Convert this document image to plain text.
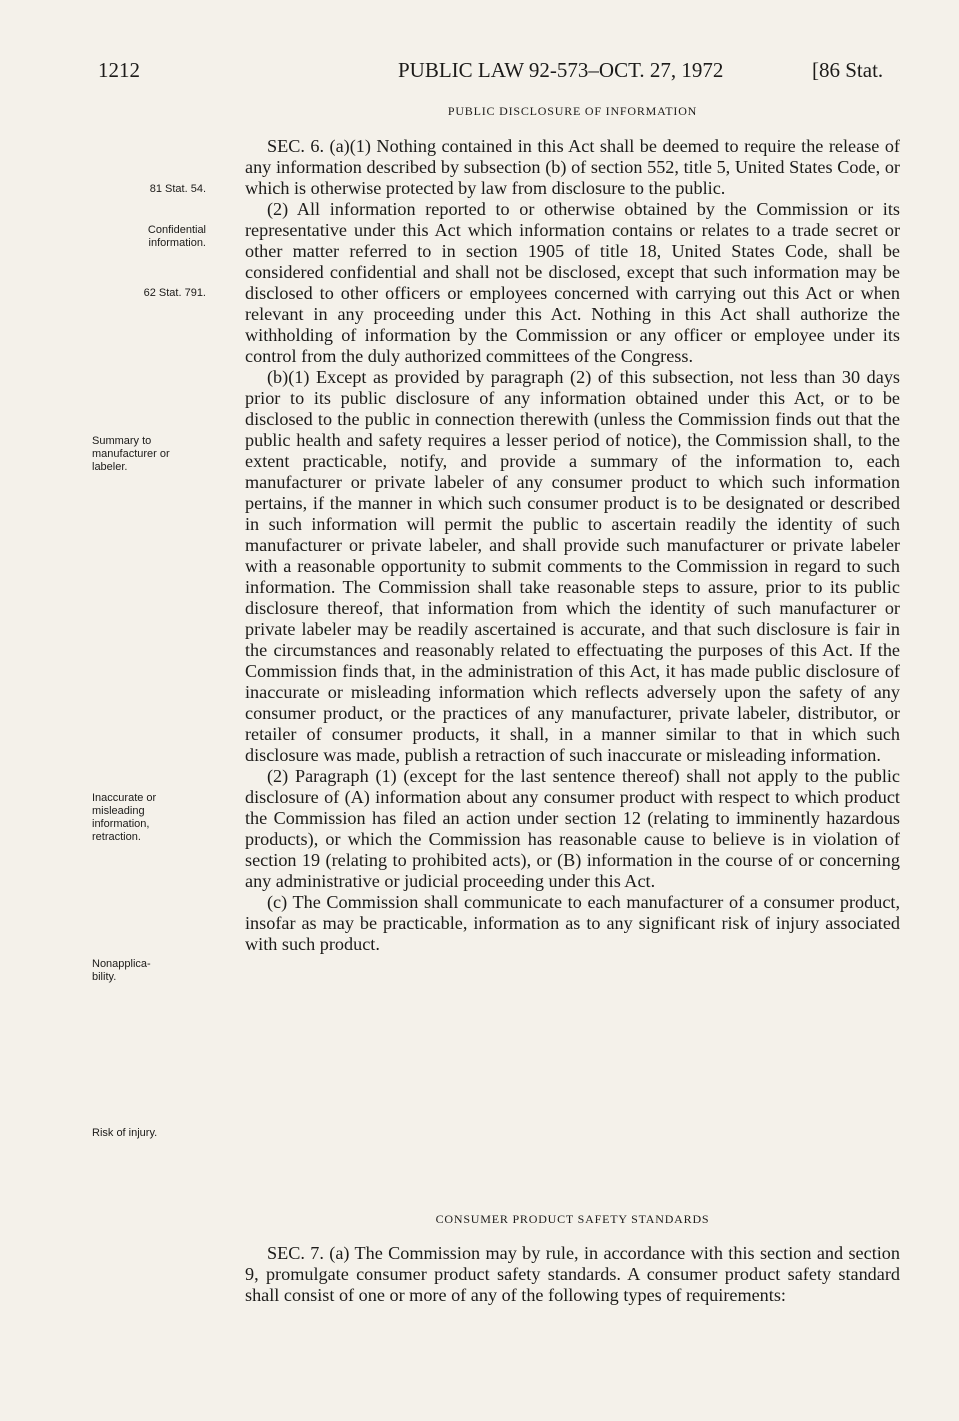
1212	PUBLIC LAW 92-573–OCT. 27, 1972	[86 Stat.
PUBLIC DISCLOSURE OF INFORMATION
81 Stat. 54.
Confidential
information.
62 Stat. 791.
Summary to
manufacturer or
labeler.
Inaccurate or
misleading
information,
retraction.
Nonapplica-
bility.
Risk of injury.

SEC. 6. (a)(1) Nothing contained in this Act shall be deemed to require the release of any information described by subsection (b) of section 552, title 5, United States Code, or which is otherwise protected by law from disclosure to the public.

(2) All information reported to or otherwise obtained by the Commission or its representative under this Act which information contains or relates to a trade secret or other matter referred to in section 1905 of title 18, United States Code, shall be considered confidential and shall not be disclosed, except that such information may be disclosed to other officers or employees concerned with carrying out this Act or when relevant in any proceeding under this Act. Nothing in this Act shall authorize the withholding of information by the Commission or any officer or employee under its control from the duly authorized committees of the Congress.

(b)(1) Except as provided by paragraph (2) of this subsection, not less than 30 days prior to its public disclosure of any information obtained under this Act, or to be disclosed to the public in connection therewith (unless the Commission finds out that the public health and safety requires a lesser period of notice), the Commission shall, to the extent practicable, notify, and provide a summary of the information to, each manufacturer or private labeler of any consumer product to which such information pertains, if the manner in which such consumer product is to be designated or described in such information will permit the public to ascertain readily the identity of such manufacturer or private labeler, and shall provide such manufacturer or private labeler with a reasonable opportunity to submit comments to the Commission in regard to such information. The Commission shall take reasonable steps to assure, prior to its public disclosure thereof, that information from which the identity of such manufacturer or private labeler may be readily ascertained is accurate, and that such disclosure is fair in the circumstances and reasonably related to effectuating the purposes of this Act. If the Commission finds that, in the administration of this Act, it has made public disclosure of inaccurate or misleading information which reflects adversely upon the safety of any consumer product, or the practices of any manufacturer, private labeler, distributor, or retailer of consumer products, it shall, in a manner similar to that in which such disclosure was made, publish a retraction of such inaccurate or misleading information.

(2) Paragraph (1) (except for the last sentence thereof) shall not apply to the public disclosure of (A) information about any consumer product with respect to which product the Commission has filed an action under section 12 (relating to imminently hazardous products), or which the Commission has reasonable cause to believe is in violation of section 19 (relating to prohibited acts), or (B) information in the course of or concerning any administrative or judicial proceeding under this Act.

(c) The Commission shall communicate to each manufacturer of a consumer product, insofar as may be practicable, information as to any significant risk of injury associated with such product.

CONSUMER PRODUCT SAFETY STANDARDS

SEC. 7. (a) The Commission may by rule, in accordance with this section and section 9, promulgate consumer product safety standards. A consumer product safety standard shall consist of one or more of any of the following types of requirements:
